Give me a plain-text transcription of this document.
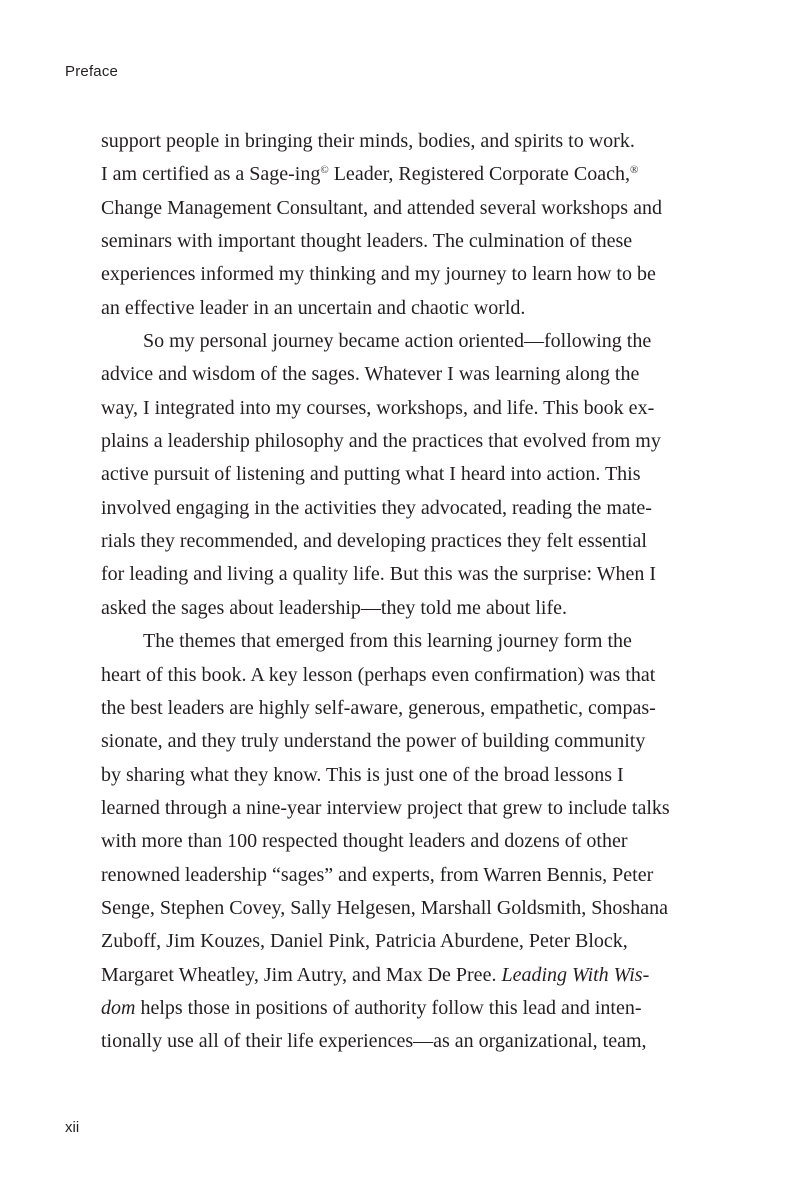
Preface
support people in bringing their minds, bodies, and spirits to work.
I am certified as a Sage-ing© Leader, Registered Corporate Coach,®
Change Management Consultant, and attended several workshops and
seminars with important thought leaders. The culmination of these
experiences informed my thinking and my journey to learn how to be
an effective leader in an uncertain and chaotic world.
So my personal journey became action oriented—following the
advice and wisdom of the sages. Whatever I was learning along the
way, I integrated into my courses, workshops, and life. This book ex-
plains a leadership philosophy and the practices that evolved from my
active pursuit of listening and putting what I heard into action. This
involved engaging in the activities they advocated, reading the mate-
rials they recommended, and developing practices they felt essential
for leading and living a quality life. But this was the surprise: When I
asked the sages about leadership—they told me about life.
The themes that emerged from this learning journey form the
heart of this book. A key lesson (perhaps even confirmation) was that
the best leaders are highly self-aware, generous, empathetic, compas-
sionate, and they truly understand the power of building community
by sharing what they know. This is just one of the broad lessons I
learned through a nine-year interview project that grew to include talks
with more than 100 respected thought leaders and dozens of other
renowned leadership “sages” and experts, from Warren Bennis, Peter
Senge, Stephen Covey, Sally Helgesen, Marshall Goldsmith, Shoshana
Zuboff, Jim Kouzes, Daniel Pink, Patricia Aburdene, Peter Block,
Margaret Wheatley, Jim Autry, and Max De Pree. Leading With Wis-
dom helps those in positions of authority follow this lead and inten-
tionally use all of their life experiences—as an organizational, team,
xii
